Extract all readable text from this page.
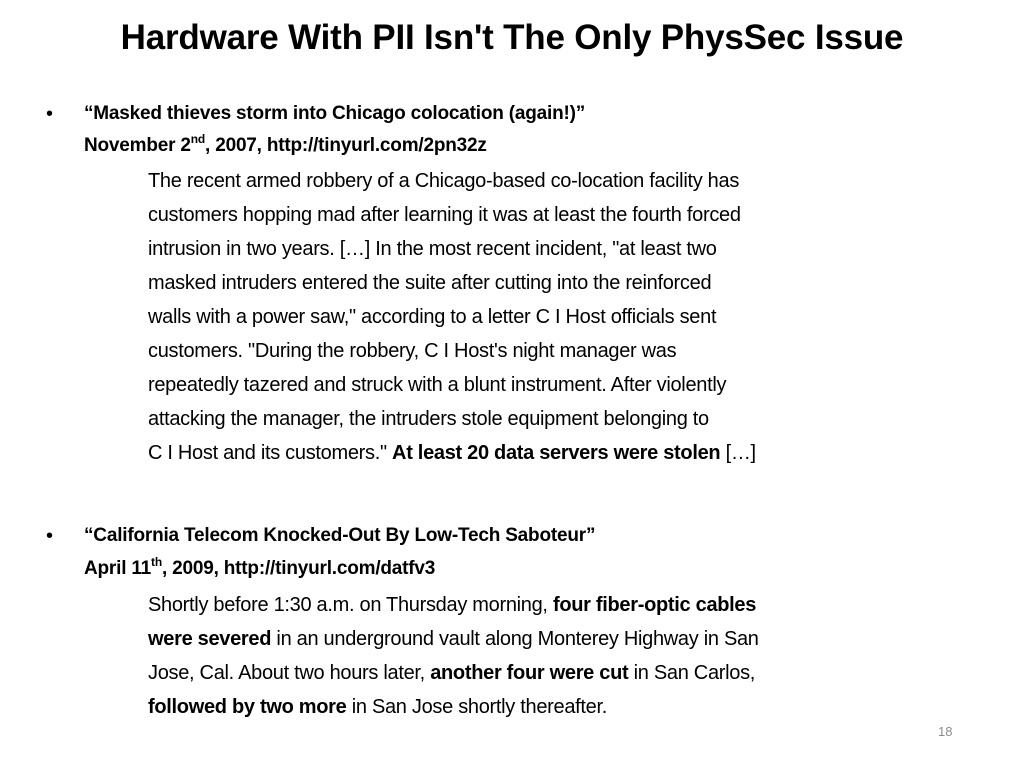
Hardware With PII Isn't The Only PhysSec Issue
• “Masked thieves storm into Chicago colocation (again!)”
November 2nd, 2007, http://tinyurl.com/2pn32z
The recent armed robbery of a Chicago-based co-location facility has
customers hopping mad after learning it was at least the fourth forced
intrusion in two years. […] In the most recent incident, "at least two
masked intruders entered the suite after cutting into the reinforced
walls with a power saw," according to a letter C I Host officials sent
customers. "During the robbery, C I Host's night manager was
repeatedly tazered and struck with a blunt instrument. After violently
attacking the manager, the intruders stole equipment belonging to
C I Host and its customers." At least 20 data servers were stolen […]
• “California Telecom Knocked-Out By Low-Tech Saboteur”
April 11th, 2009, http://tinyurl.com/datfv3
Shortly before 1:30 a.m. on Thursday morning, four fiber-optic cables
were severed in an underground vault along Monterey Highway in San
Jose, Cal. About two hours later, another four were cut in San Carlos,
followed by two more in San Jose shortly thereafter.
18
